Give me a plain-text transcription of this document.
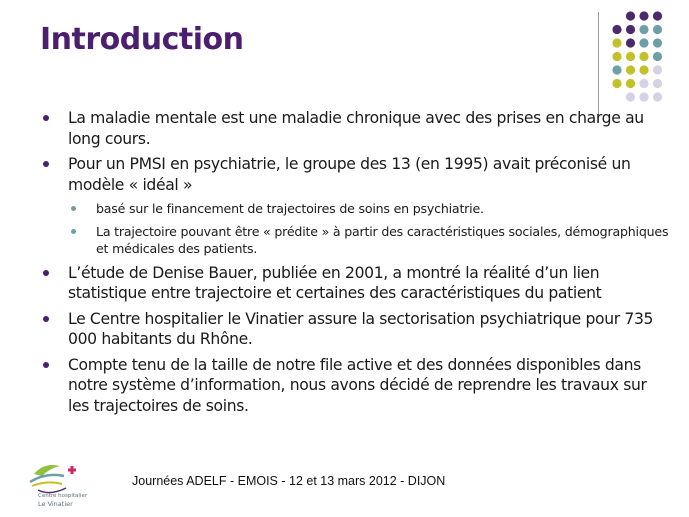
Introduction
La maladie mentale est une maladie chronique avec des prises en charge au long cours.
Pour un PMSI en psychiatrie, le groupe des 13 (en 1995) avait préconisé un modèle « idéal »
basé sur le financement de trajectoires de soins en psychiatrie.
La trajectoire pouvant être « prédite » à partir des caractéristiques sociales, démographiques et médicales des patients.
L’étude de Denise Bauer, publiée en 2001, a montré la réalité d’un lien statistique entre trajectoire et certaines des caractéristiques du patient
Le Centre hospitalier le Vinatier assure la sectorisation psychiatrique pour 735 000 habitants du Rhône.
Compte tenu de la taille de notre file active et des données disponibles dans notre système d’information, nous avons décidé de reprendre les travaux sur les trajectoires de soins.
Centre hospitalier
Le Vinatier
Journées ADELF - EMOIS - 12 et 13 mars 2012 - DIJON
